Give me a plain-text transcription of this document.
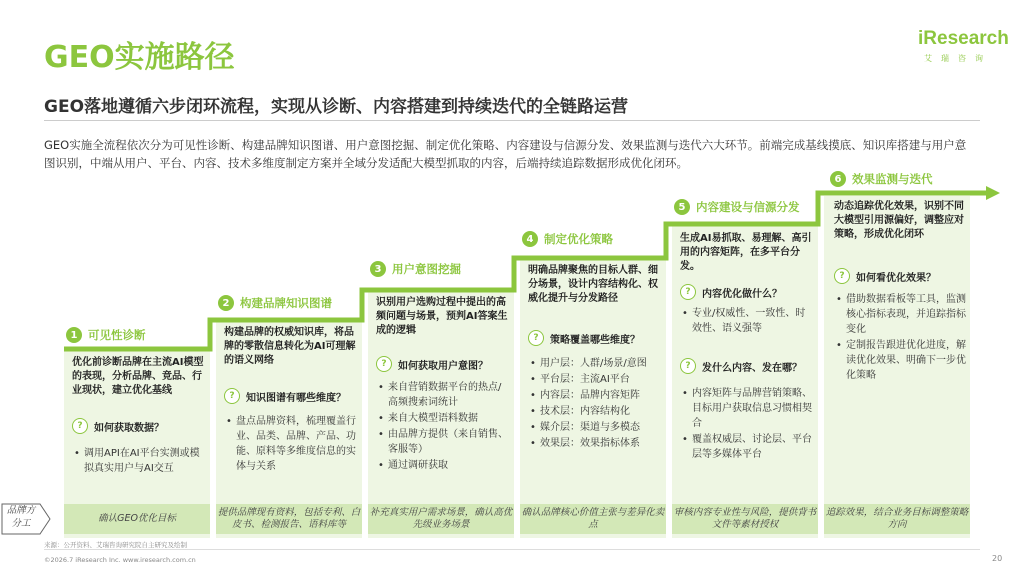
GEO实施路径
iResearch
艾瑞咨询
GEO落地遵循六步闭环流程，实现从诊断、内容搭建到持续迭代的全链路运营
GEO实施全流程依次分为可见性诊断、构建品牌知识图谱、用户意图挖掘、制定优化策略、内容建设与信源分发、效果监测与迭代六大环节。前端完成基线摸底、知识库搭建与用户意图识别，中端从用户、平台、内容、技术多维度制定方案并全域分发适配大模型抓取的内容，后端持续追踪数据形成优化闭环。
1 可见性诊断
优化前诊断品牌在主流AI模型的表现，分析品牌、竞品、行业现状，建立优化基线
?	如何获取数据？
• 调用API在AI平台实测或模拟真实用户与AI交互
确认GEO优化目标
2 构建品牌知识图谱
构建品牌的权威知识库，将品牌的零散信息转化为AI可理解的语义网络
?	知识图谱有哪些维度？
• 盘点品牌资料，梳理覆盖行业、品类、品牌、产品、功能、原料等多维度信息的实体与关系
提供品牌现有资料，包括专利、白皮书、检测报告、语料库等
3 用户意图挖掘
识别用户选购过程中提出的高频问题与场景，预判AI答案生成的逻辑
?	如何获取用户意图？
• 来自营销数据平台的热点/高频搜索词统计
• 来自大模型语料数据
• 由品牌方提供（来自销售、客服等）
• 通过调研获取
补充真实用户需求场景，确认高优先级业务场景
4 制定优化策略
明确品牌聚焦的目标人群、细分场景，设计内容结构化、权威化提升与分发路径
?	策略覆盖哪些维度？
• 用户层：人群/场景/意图
• 平台层：主流AI平台
• 内容层：品牌内容矩阵
• 技术层：内容结构化
• 媒介层：渠道与多模态
• 效果层：效果指标体系
确认品牌核心价值主张与差异化卖点
5 内容建设与信源分发
生成AI易抓取、易理解、高引用的内容矩阵，在多平台分发。
?	内容优化做什么？
• 专业/权威性、一致性、时效性、语义强等
?	发什么内容、发在哪？
• 内容矩阵与品牌营销策略、目标用户获取信息习惯相契合
• 覆盖权威层、讨论层、平台层等多媒体平台
审核内容专业性与风险，提供背书文件等素材授权
6 效果监测与迭代
动态追踪优化效果，识别不同大模型引用源偏好，调整应对策略，形成优化闭环
?	如何看优化效果？
• 借助数据看板等工具，监测核心指标表现，并追踪指标变化
• 定制报告跟进优化进度，解读优化效果、明确下一步优化策略
追踪效果，结合业务目标调整策略方向
品牌方分工
来源：公开资料、艾瑞咨询研究院自主研究及绘制
©2026.7 iResearch Inc. www.iresearch.com.cn	20
